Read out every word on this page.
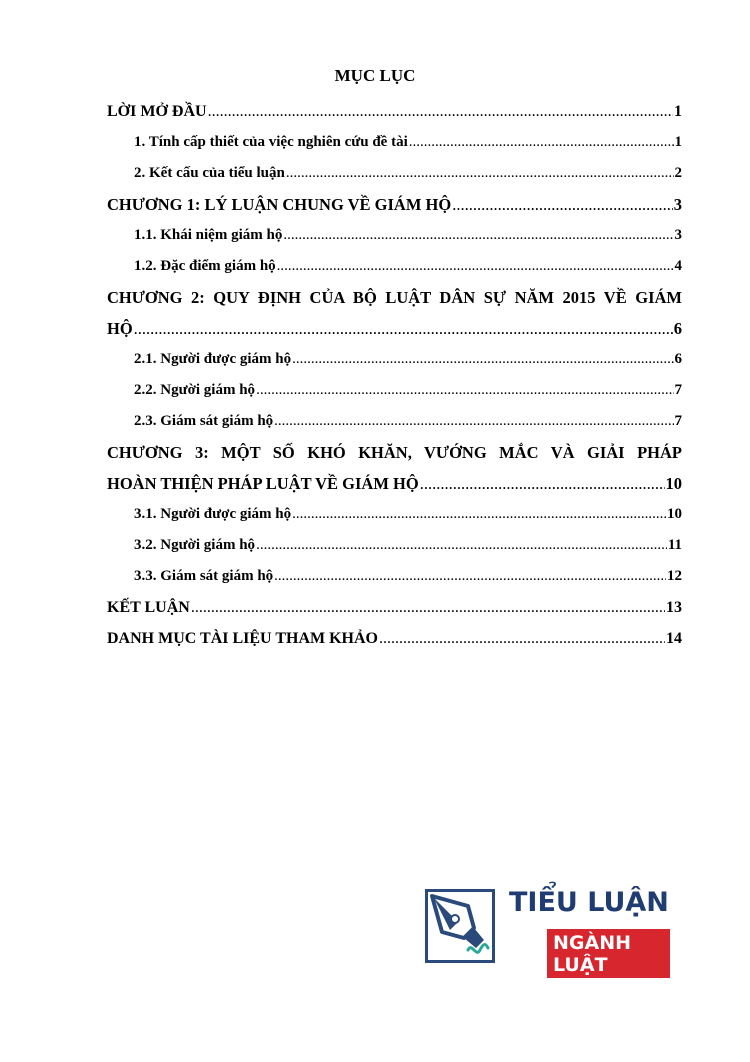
MỤC LỤC
LỜI MỞ ĐẦU .....	1
1. Tính cấp thiết của việc nghiên cứu đề tài .....	1
2. Kết cấu của tiểu luận .....	2
CHƯƠNG 1: LÝ LUẬN CHUNG VỀ GIÁM HỘ .....	3
1.1. Khái niệm giám hộ .....	3
1.2. Đặc điểm giám hộ .....	4
CHƯƠNG 2: QUY ĐỊNH CỦA BỘ LUẬT DÂN SỰ NĂM 2015 VỀ GIÁM
HỘ .....	6
2.1. Người được giám hộ .....	6
2.2. Người giám hộ .....	7
2.3. Giám sát giám hộ .....	7
CHƯƠNG 3: MỘT SỐ KHÓ KHĂN, VƯỚNG MẮC VÀ GIẢI PHÁP
HOÀN THIỆN PHÁP LUẬT VỀ GIÁM HỘ .....	10
3.1. Người được giám hộ .....	10
3.2. Người giám hộ .....	11
3.3. Giám sát giám hộ .....	12
KẾT LUẬN .....	13
DANH MỤC TÀI LIỆU THAM KHẢO .....	14
TIỂU LUẬN
NGÀNH LUẬT
